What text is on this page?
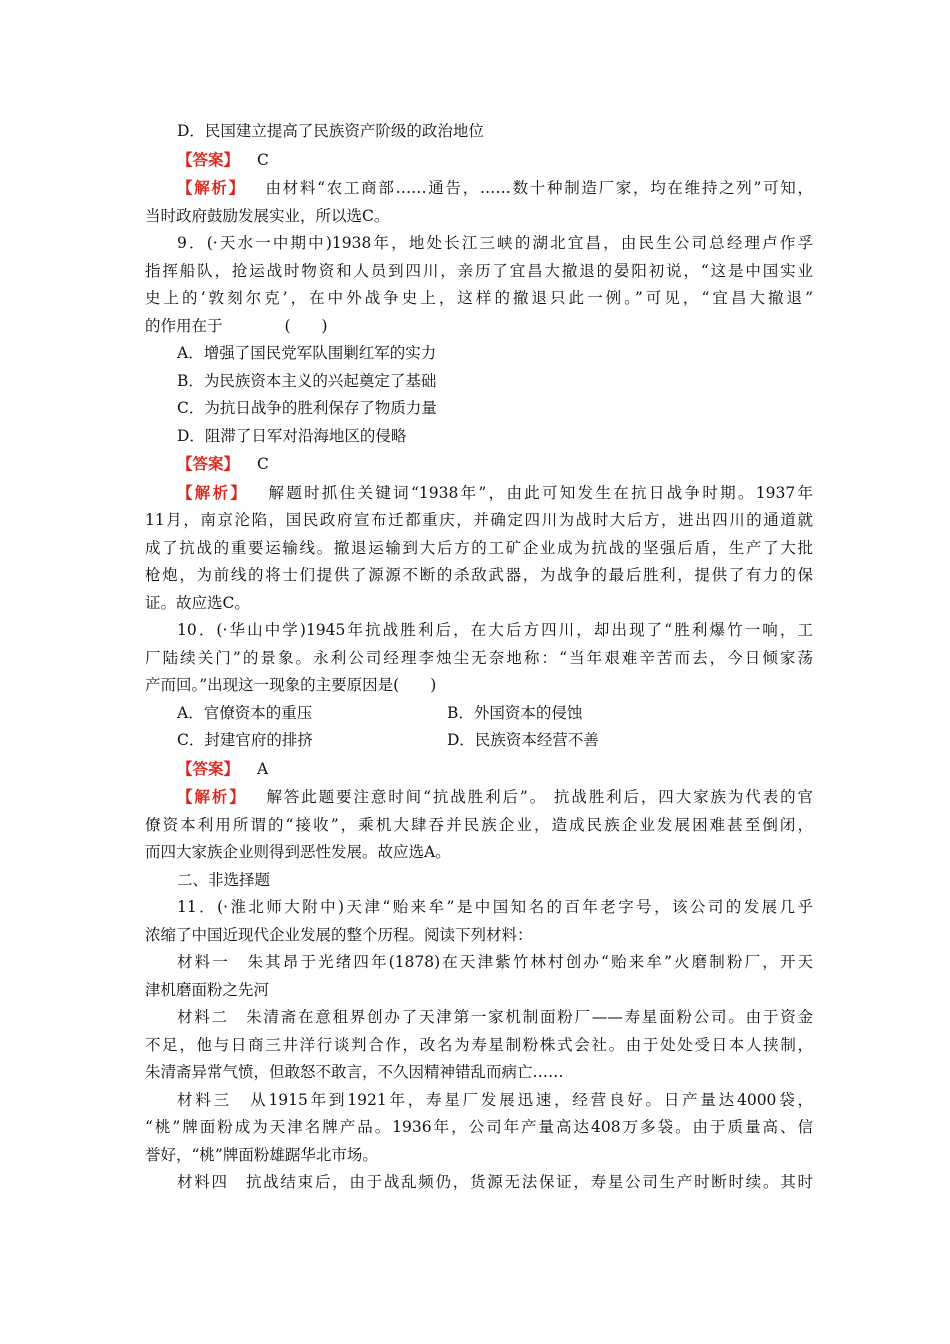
D．民国建立提高了民族资产阶级的政治地位

【答案】 C

【解析】 由材料“农工商部……通告，……数十种制造厂家，均在维持之列”可知，

当时政府鼓励发展实业，所以选C。

9．(·天水一中期中)1938年，地处长江三峡的湖北宜昌，由民生公司总经理卢作孚

指挥船队，抢运战时物资和人员到四川，亲历了宜昌大撤退的晏阳初说，“这是中国实业

史上的‘敦刻尔克’，在中外战争史上，这样的撤退只此一例。”可见，“宜昌大撤退”

的作用在于　　　　(　　)

A．增强了国民党军队围剿红军的实力

B．为民族资本主义的兴起奠定了基础

C．为抗日战争的胜利保存了物质力量

D．阻滞了日军对沿海地区的侵略

【答案】 C

【解析】 解题时抓住关键词“1938年”，由此可知发生在抗日战争时期。1937年

11月，南京沦陷，国民政府宣布迁都重庆，并确定四川为战时大后方，进出四川的通道就

成了抗战的重要运输线。撤退运输到大后方的工矿企业成为抗战的坚强后盾，生产了大批

枪炮，为前线的将士们提供了源源不断的杀敌武器，为战争的最后胜利，提供了有力的保

证。故应选C。

10．(·华山中学)1945年抗战胜利后，在大后方四川，却出现了“胜利爆竹一响，工

厂陆续关门”的景象。永利公司经理李烛尘无奈地称：“当年艰难辛苦而去，今日倾家荡

产而回。”出现这一现象的主要原因是(　　)

A．官僚资本的重压	B．外国资本的侵蚀
C．封建官府的排挤	D．民族资本经营不善

【答案】 A

【解析】 解答此题要注意时间“抗战胜利后”。 抗战胜利后，四大家族为代表的官

僚资本利用所谓的“接收”，乘机大肆吞并民族企业，造成民族企业发展困难甚至倒闭，

而四大家族企业则得到恶性发展。故应选A。

二、非选择题

11．(·淮北师大附中)天津“贻来牟”是中国知名的百年老字号，该公司的发展几乎

浓缩了中国近现代企业发展的整个历程。阅读下列材料：

材料一　朱其昂于光绪四年(1878)在天津紫竹林村创办“贻来牟”火磨制粉厂，开天

津机磨面粉之先河

材料二　朱清斋在意租界创办了天津第一家机制面粉厂——寿星面粉公司。由于资金

不足，他与日商三井洋行谈判合作，改名为寿星制粉株式会社。由于处处受日本人挟制，

朱清斋异常气愤，但敢怒不敢言，不久因精神错乱而病亡……

材料三　从1915年到1921年，寿星厂发展迅速，经营良好。日产量达4000袋，

“桃”牌面粉成为天津名牌产品。1936年，公司年产量高达408万多袋。由于质量高、信

誉好，“桃”牌面粉雄踞华北市场。

材料四　抗战结束后，由于战乱频仍，货源无法保证，寿星公司生产时断时续。其时
